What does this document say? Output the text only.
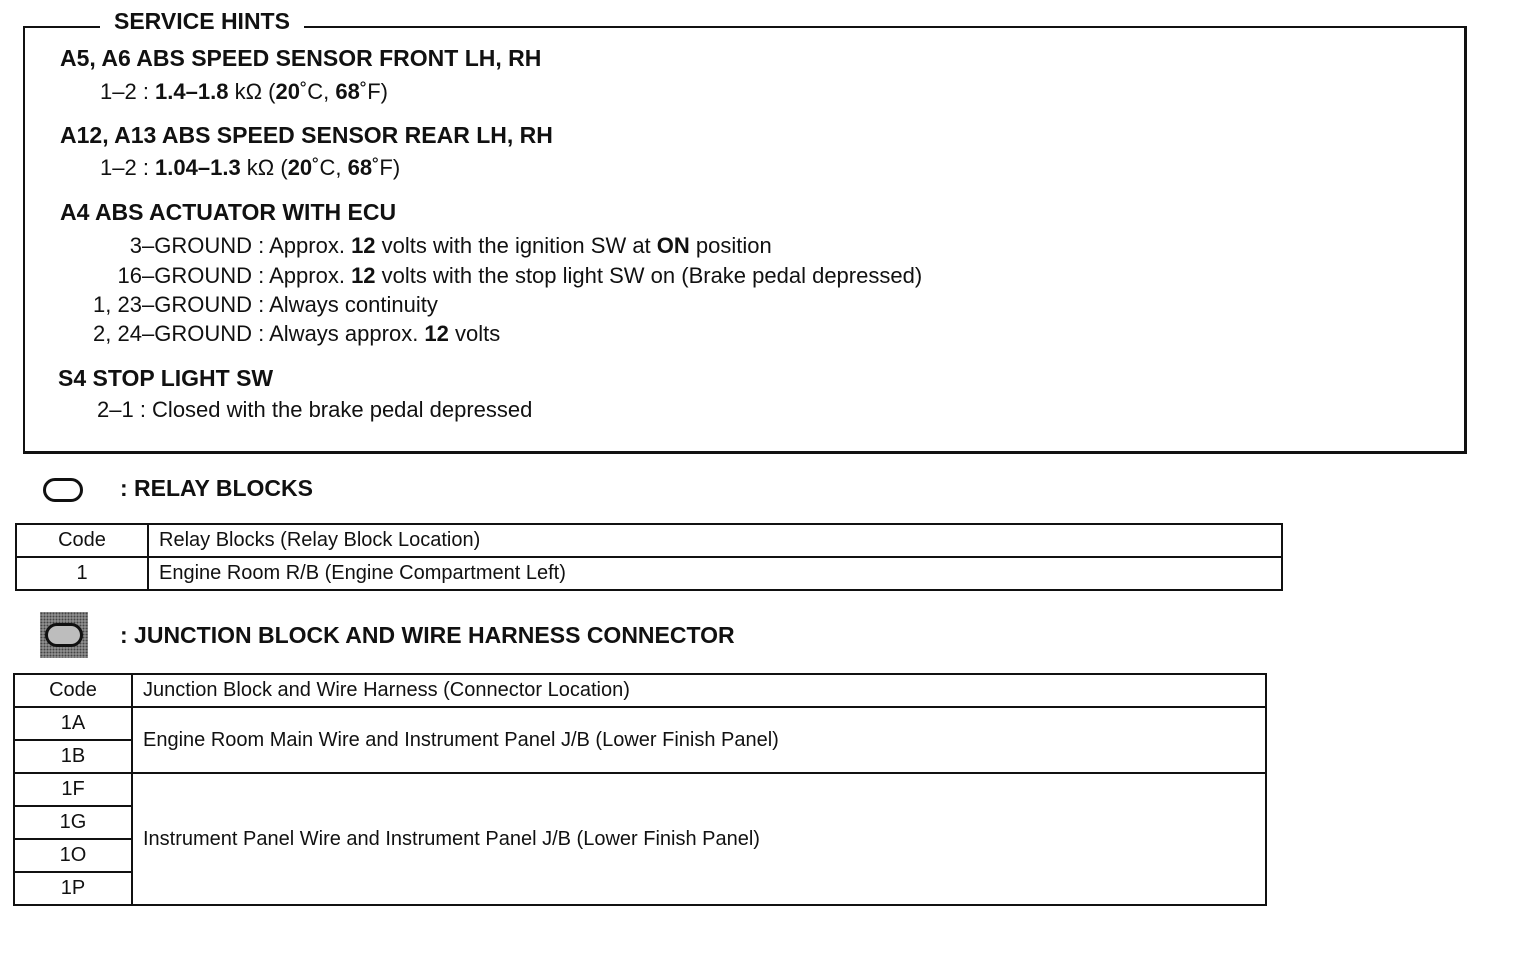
SERVICE HINTS
A5, A6 ABS SPEED SENSOR FRONT LH, RH
1–2 : 1.4–1.8 kΩ (20˚C, 68˚F)
A12, A13 ABS SPEED SENSOR REAR LH, RH
1–2 : 1.04–1.3 kΩ (20˚C, 68˚F)
A4 ABS ACTUATOR WITH ECU
3–GROUND : Approx. 12 volts with the ignition SW at ON position
16–GROUND : Approx. 12 volts with the stop light SW on (Brake pedal depressed)
1, 23–GROUND : Always continuity
2, 24–GROUND : Always approx. 12 volts
S4 STOP LIGHT SW
2–1 : Closed with the brake pedal depressed
: RELAY BLOCKS
Code	Relay Blocks (Relay Block Location)
1	Engine Room R/B (Engine Compartment Left)
: JUNCTION BLOCK AND WIRE HARNESS CONNECTOR
Code	Junction Block and Wire Harness (Connector Location)
1A	Engine Room Main Wire and Instrument Panel J/B (Lower Finish Panel)
1B	
1F	Instrument Panel Wire and Instrument Panel J/B (Lower Finish Panel)
1G	
1O	
1P	
